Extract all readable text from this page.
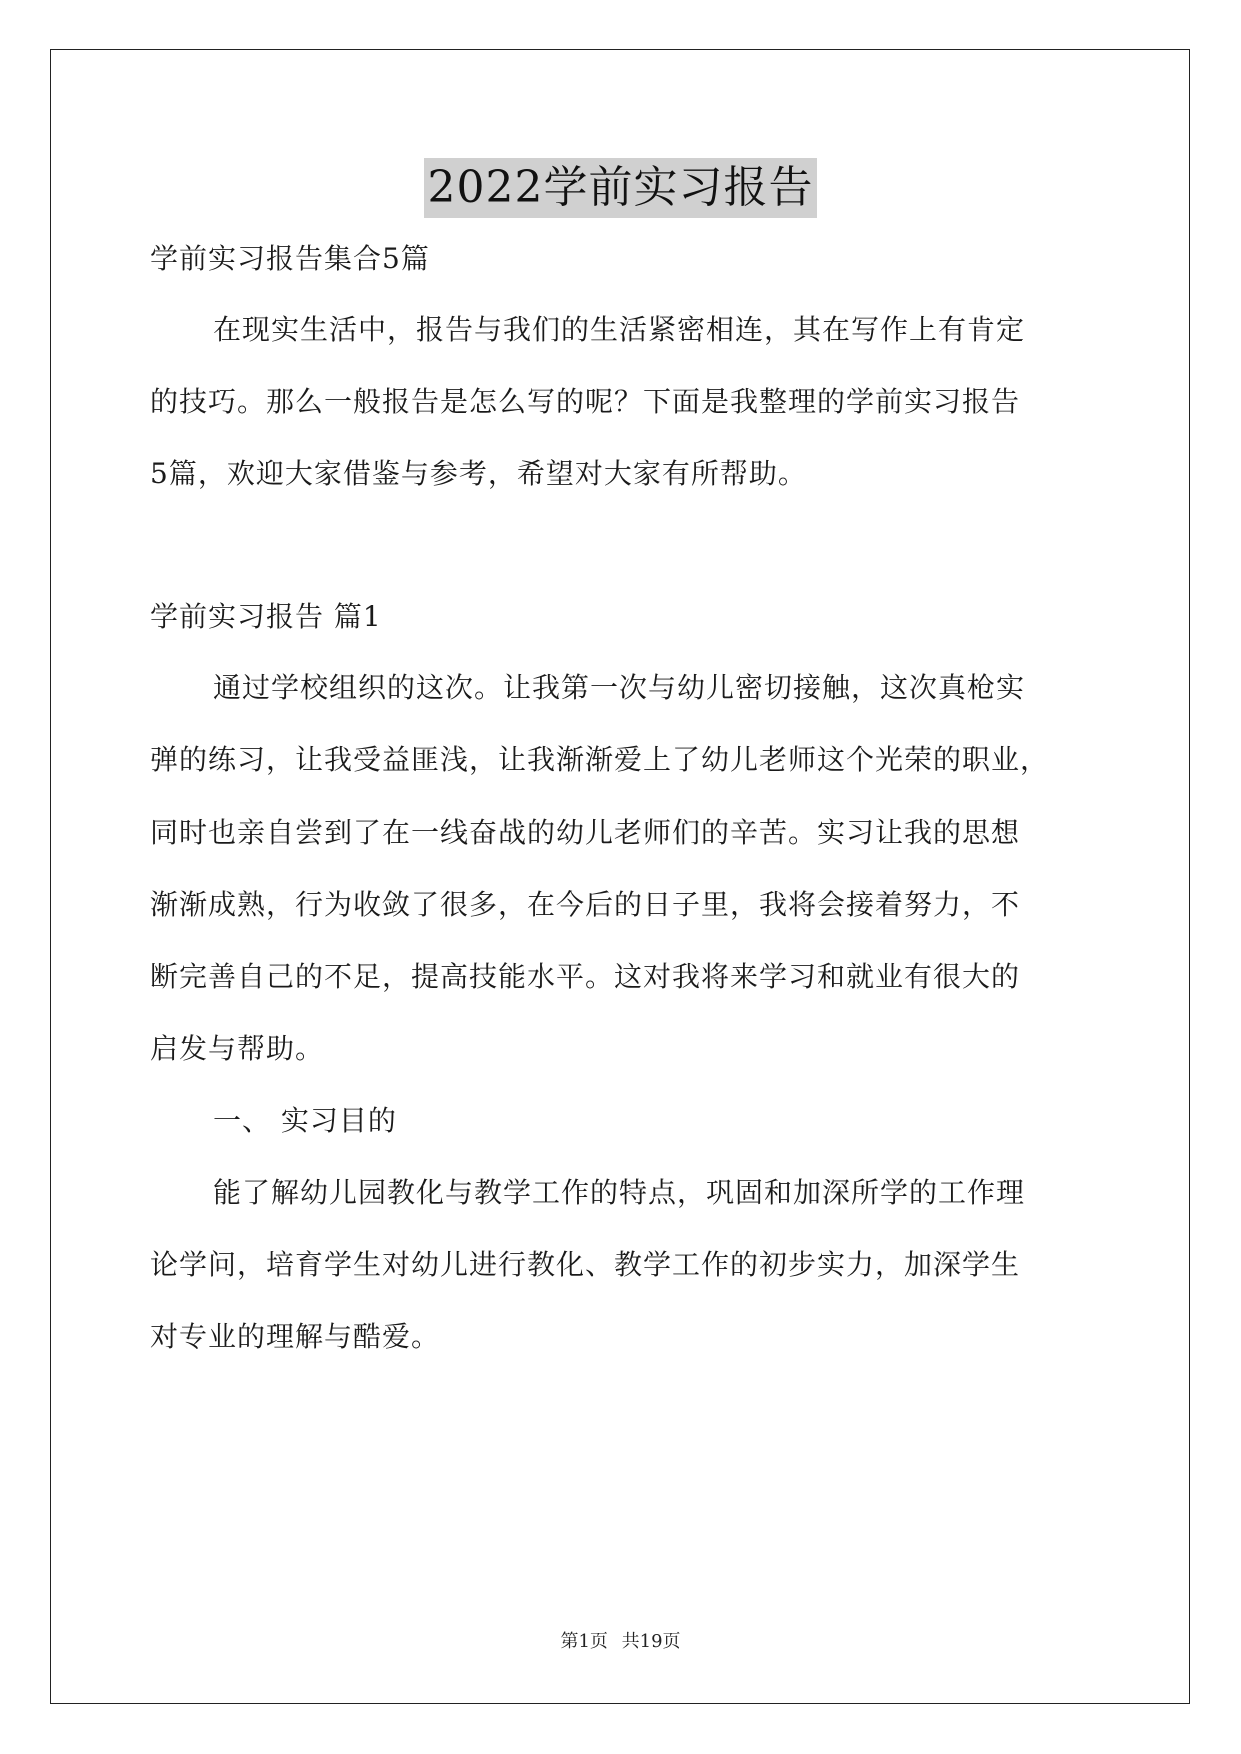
2022学前实习报告
学前实习报告集合5篇
在现实生活中，报告与我们的生活紧密相连，其在写作上有肯定
的技巧。那么一般报告是怎么写的呢？下面是我整理的学前实习报告
5篇，欢迎大家借鉴与参考，希望对大家有所帮助。
学前实习报告 篇1
通过学校组织的这次。让我第一次与幼儿密切接触，这次真枪实
弹的练习，让我受益匪浅，让我渐渐爱上了幼儿老师这个光荣的职业，
同时也亲自尝到了在一线奋战的幼儿老师们的辛苦。实习让我的思想
渐渐成熟，行为收敛了很多，在今后的日子里，我将会接着努力，不
断完善自己的不足，提高技能水平。这对我将来学习和就业有很大的
启发与帮助。
一、 实习目的
能了解幼儿园教化与教学工作的特点，巩固和加深所学的工作理
论学问，培育学生对幼儿进行教化、教学工作的初步实力，加深学生
对专业的理解与酷爱。
第1页 共19页
